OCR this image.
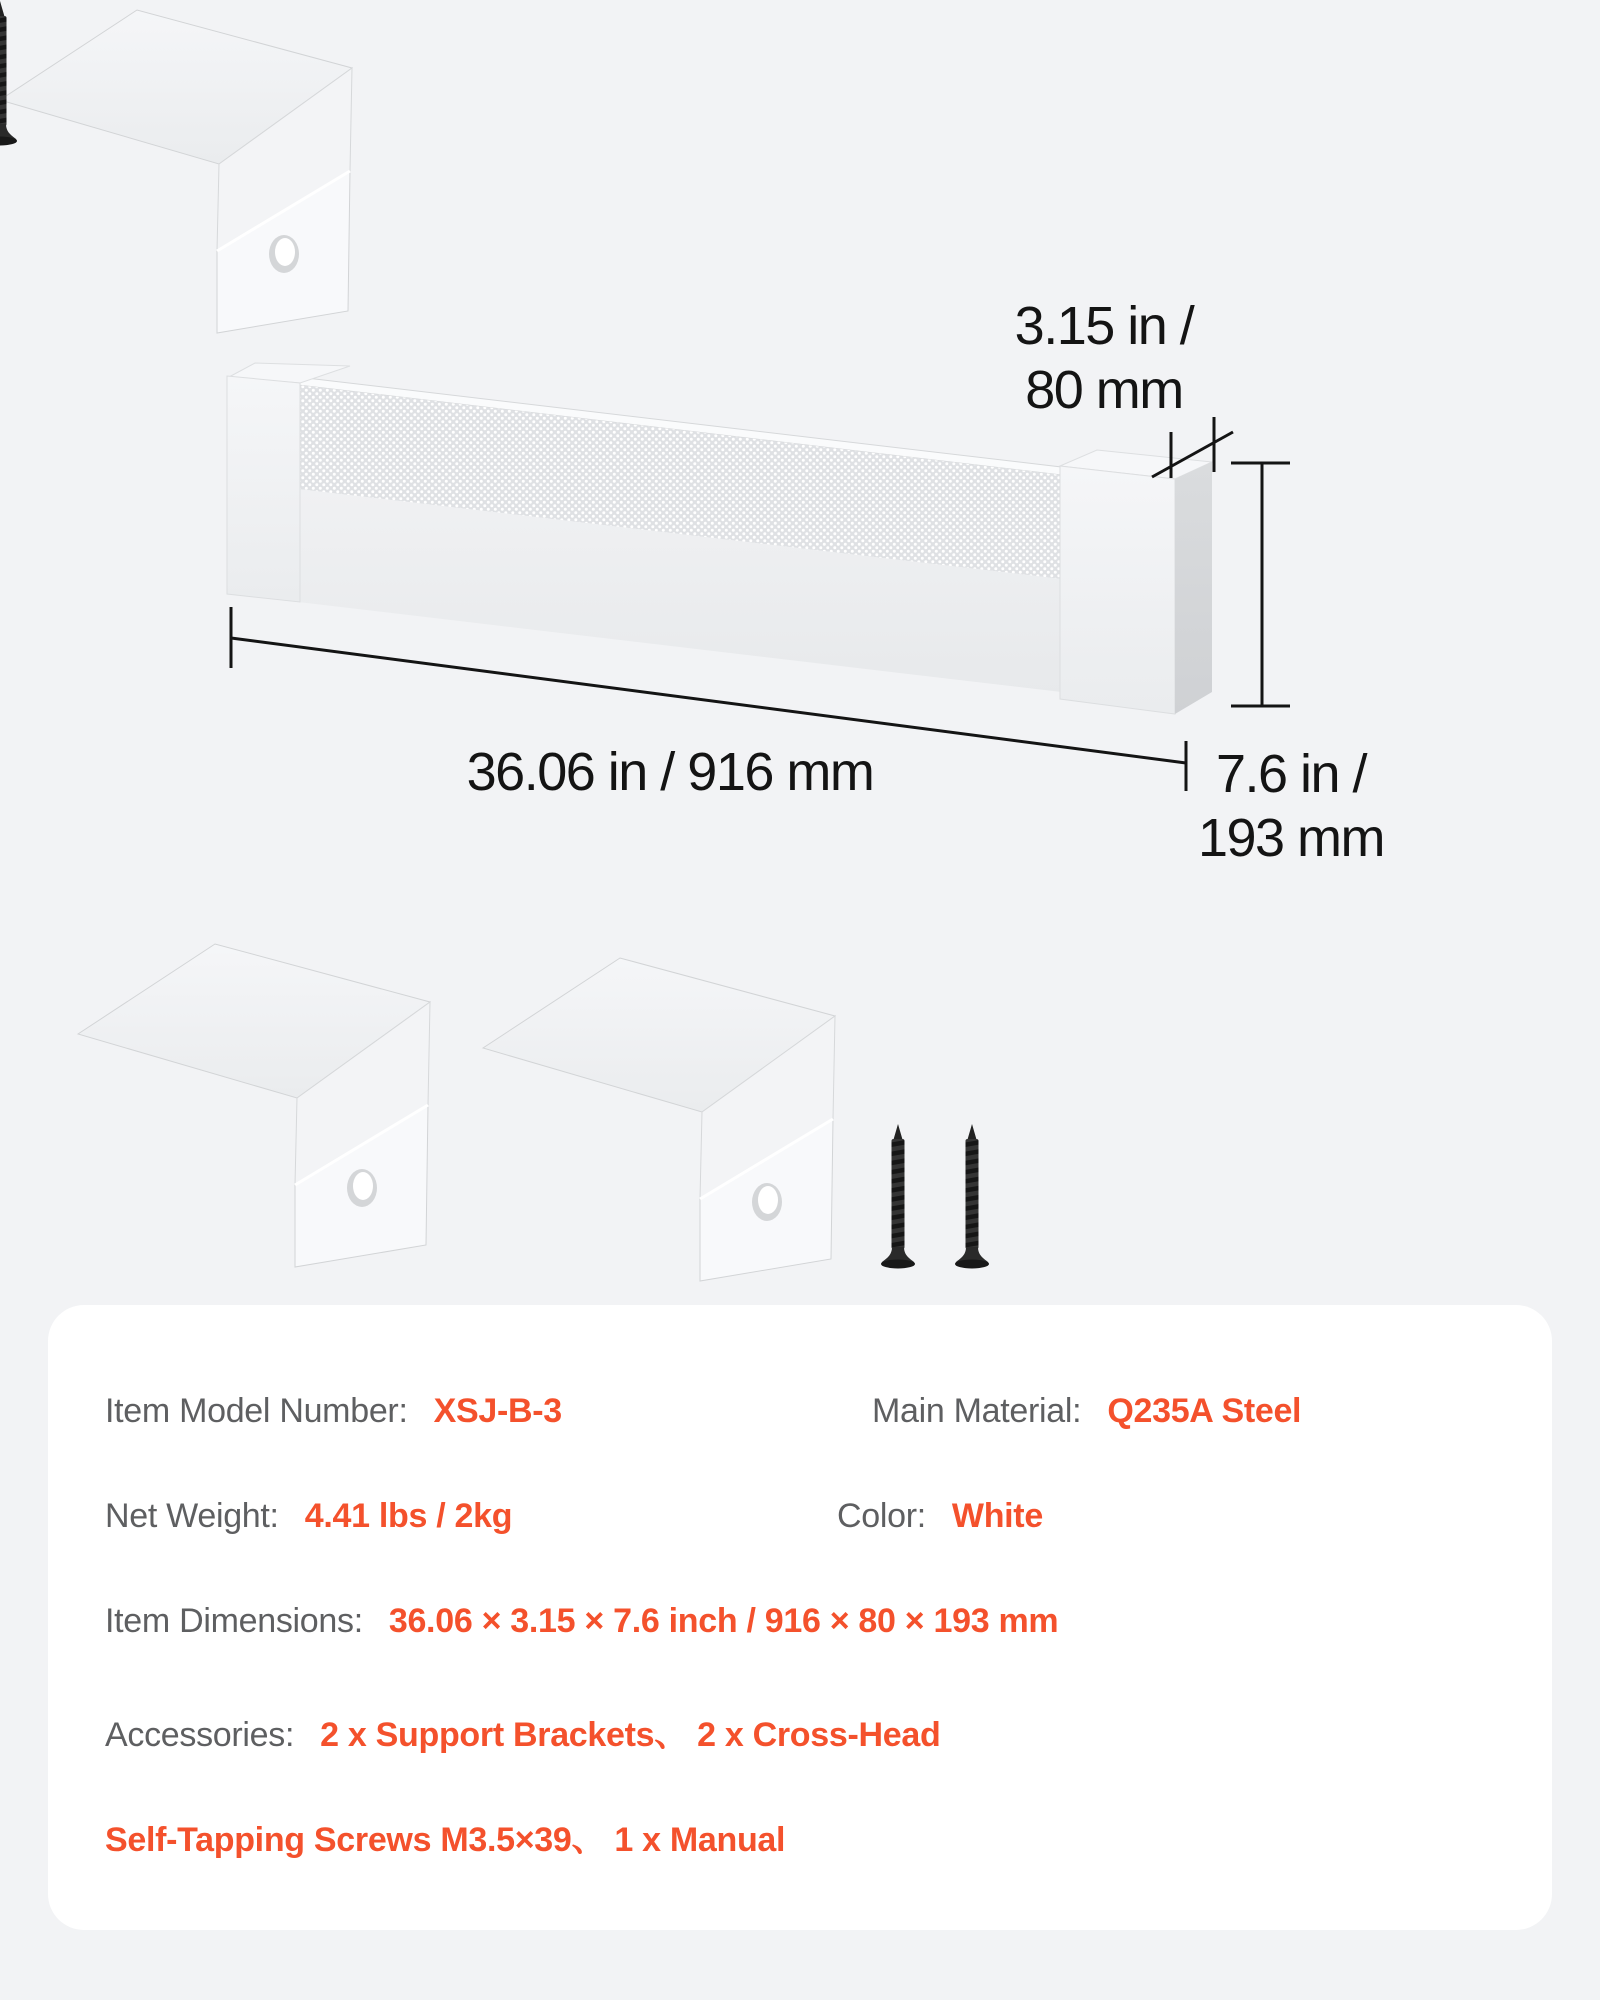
3.15 in /
80 mm
36.06 in / 916 mm	7.6 in /
193 mm
Item Model Number: XSJ-B-3	Main Material: Q235A Steel
Net Weight: 4.41 lbs / 2kg	Color: White
Item Dimensions: 36.06 × 3.15 × 7.6 inch / 916 × 80 × 193 mm
Accessories: 2 x Support Brackets、 2 x Cross-Head
Self-Tapping Screws M3.5×39、 1 x Manual
